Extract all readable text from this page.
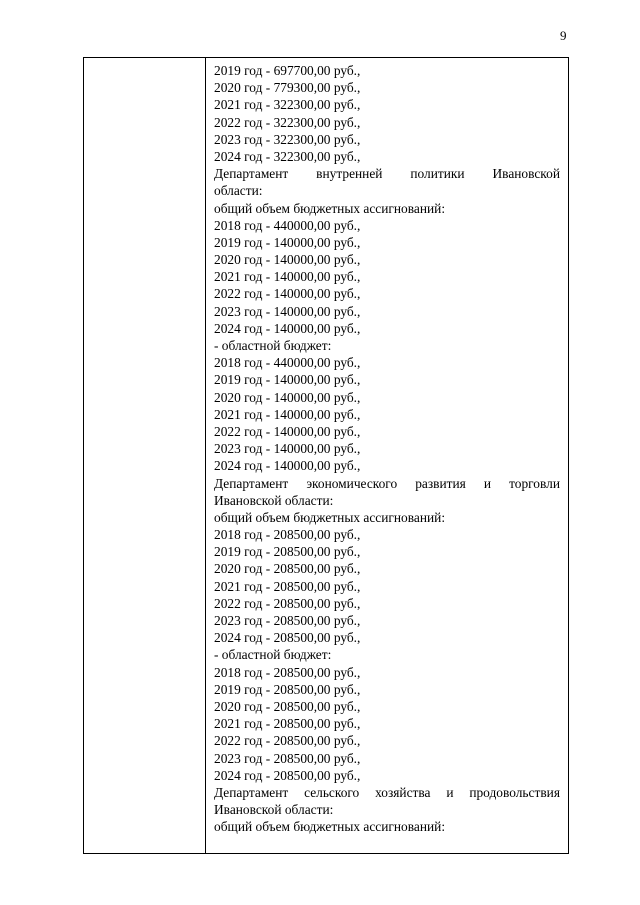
9
2019 год - 697700,00 руб.,
2020 год - 779300,00 руб.,
2021 год - 322300,00 руб.,
2022 год - 322300,00 руб.,
2023 год - 322300,00 руб.,
2024 год - 322300,00 руб.,
Департамент внутренней политики Ивановской
области:
общий объем бюджетных ассигнований:
2018 год - 440000,00 руб.,
2019 год - 140000,00 руб.,
2020 год - 140000,00 руб.,
2021 год - 140000,00 руб.,
2022 год - 140000,00 руб.,
2023 год - 140000,00 руб.,
2024 год - 140000,00 руб.,
- областной бюджет:
2018 год - 440000,00 руб.,
2019 год - 140000,00 руб.,
2020 год - 140000,00 руб.,
2021 год - 140000,00 руб.,
2022 год - 140000,00 руб.,
2023 год - 140000,00 руб.,
2024 год - 140000,00 руб.,
Департамент экономического развития и торговли
Ивановской области:
общий объем бюджетных ассигнований:
2018 год - 208500,00 руб.,
2019 год - 208500,00 руб.,
2020 год - 208500,00 руб.,
2021 год - 208500,00 руб.,
2022 год - 208500,00 руб.,
2023 год - 208500,00 руб.,
2024 год - 208500,00 руб.,
- областной бюджет:
2018 год - 208500,00 руб.,
2019 год - 208500,00 руб.,
2020 год - 208500,00 руб.,
2021 год - 208500,00 руб.,
2022 год - 208500,00 руб.,
2023 год - 208500,00 руб.,
2024 год - 208500,00 руб.,
Департамент сельского хозяйства и продовольствия
Ивановской области:
общий объем бюджетных ассигнований:
